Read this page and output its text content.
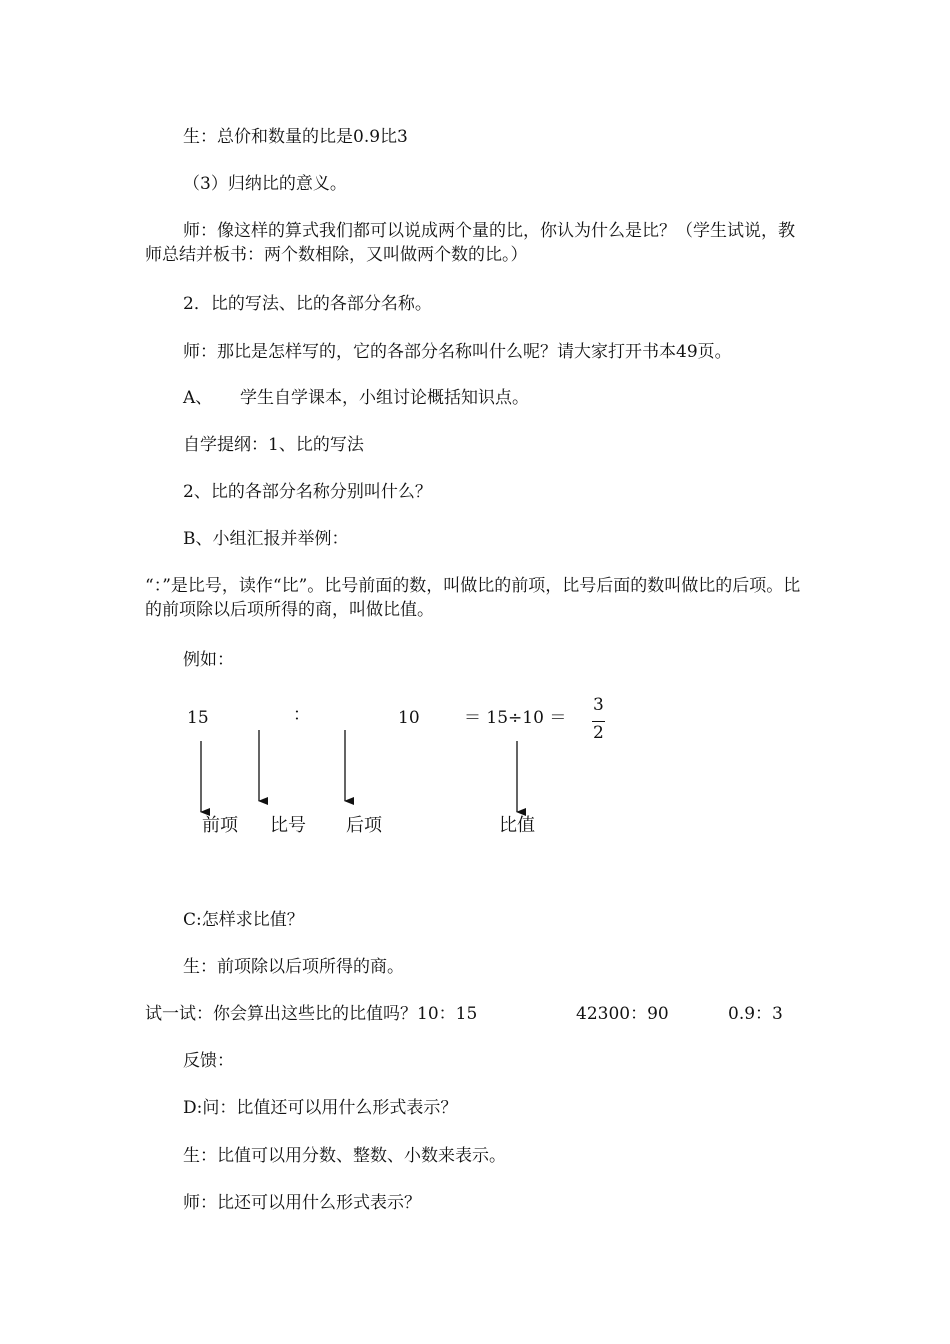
生：总价和数量的比是0.9比3
（3）归纳比的意义。
师：像这样的算式我们都可以说成两个量的比，你认为什么是比？（学生试说，教师总结并板书：两个数相除，又叫做两个数的比。）
2．比的写法、比的各部分名称。
师：那比是怎样写的，它的各部分名称叫什么呢？请大家打开书本49页。
A、 学生自学课本，小组讨论概括知识点。
自学提纲：1、比的写法
2、比的各部分名称分别叫什么？
B、小组汇报并举例：
“：”是比号，读作“比”。比号前面的数，叫做比的前项，比号后面的数叫做比的后项。比的前项除以后项所得的商，叫做比值。
例如：
15	：	10	＝ 15÷10 ＝
3
2
前项 比号 后项	比值
C:怎样求比值？
生：前项除以后项所得的商。
试一试：你会算出这些比的比值吗？10：15	42300：90	0.9：3
反馈：
D:问：比值还可以用什么形式表示？
生：比值可以用分数、整数、小数来表示。
师：比还可以用什么形式表示？
